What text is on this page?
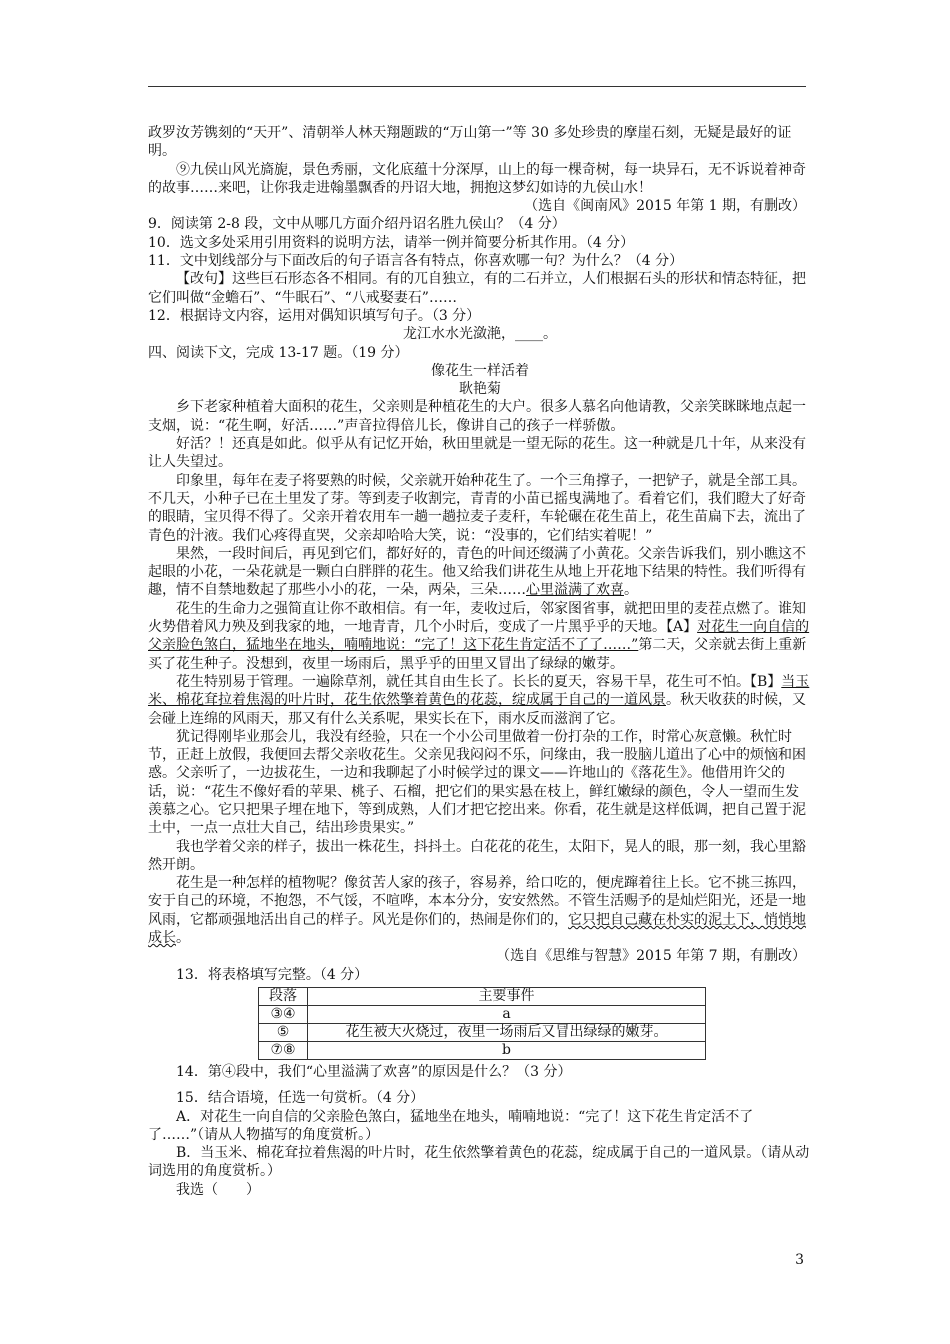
政罗汝芳镌刻的“天开”、清朝举人林天翔题跋的“万山第一”等 30 多处珍贵的摩崖石刻，无疑是最好的证明。

⑨九侯山风光旖旎，景色秀丽，文化底蕴十分深厚，山上的每一棵奇树，每一块异石，无不诉说着神奇的故事……来吧，让你我走进翰墨飘香的丹诏大地，拥抱这梦幻如诗的九侯山水！

（选自《闽南风》2015 年第 1 期，有删改）

9．阅读第 2-8 段，文中从哪几方面介绍丹诏名胜九侯山？（4 分）

10．选文多处采用引用资料的说明方法，请举一例并简要分析其作用。（4 分）

11．文中划线部分与下面改后的句子语言各有特点，你喜欢哪一句？为什么？（4 分）

【改句】这些巨石形态各不相同。有的兀自独立，有的二石并立，人们根据石头的形状和情态特征，把它们叫做“金蟾石”、“牛眠石”、“八戒娶妻石”……

12．根据诗文内容，运用对偶知识填写句子。（3 分）

龙江水水光潋滟，____。

四、阅读下文，完成 13-17 题。（19 分）

像花生一样活着

耿艳菊

乡下老家种植着大面积的花生，父亲则是种植花生的大户。很多人慕名向他请教，父亲笑眯眯地点起一支烟，说：“花生啊，好活……”声音拉得倍儿长，像讲自己的孩子一样骄傲。

好活？！还真是如此。似乎从有记忆开始，秋田里就是一望无际的花生。这一种就是几十年，从来没有让人失望过。

印象里，每年在麦子将要熟的时候，父亲就开始种花生了。一个三角撑子，一把铲子，就是全部工具。不几天，小种子已在土里发了芽。等到麦子收割完，青青的小苗已摇曳满地了。看着它们，我们瞪大了好奇的眼睛，宝贝得不得了。父亲开着农用车一趟一趟拉麦子麦秆，车轮碾在花生苗上，花生苗扁下去，流出了青色的汁液。我们心疼得直哭，父亲却哈哈大笑，说：“没事的，它们结实着呢！”

果然，一段时间后，再见到它们，都好好的，青色的叶间还缀满了小黄花。父亲告诉我们，别小瞧这不起眼的小花，一朵花就是一颗白白胖胖的花生。他又给我们讲花生从地上开花地下结果的特性。我们听得有趣，情不自禁地数起了那些小小的花，一朵，两朵，三朵……心里溢满了欢喜。

花生的生命力之强简直让你不敢相信。有一年，麦收过后，邻家图省事，就把田里的麦茬点燃了。谁知火势借着风力殃及到我家的地，一地青青，几个小时后，变成了一片黑乎乎的天地。【A】对花生一向自信的父亲脸色煞白，猛地坐在地头，喃喃地说：“完了！这下花生肯定活不了了……”第二天，父亲就去街上重新买了花生种子。没想到，夜里一场雨后，黑乎乎的田里又冒出了绿绿的嫩芽。

花生特别易于管理。一遍除草剂，就任其自由生长了。长长的夏天，容易干旱，花生可不怕。【B】当玉米、棉花耷拉着焦渴的叶片时，花生依然擎着黄色的花蕊，绽成属于自己的一道风景。秋天收获的时候，又会碰上连绵的风雨天，那又有什么关系呢，果实长在下，雨水反而滋润了它。

犹记得刚毕业那会儿，我没有经验，只在一个小公司里做着一份打杂的工作，时常心灰意懒。秋忙时节，正赶上放假，我便回去帮父亲收花生。父亲见我闷闷不乐，问缘由，我一股脑儿道出了心中的烦恼和困惑。父亲听了，一边拔花生，一边和我聊起了小时候学过的课文——许地山的《落花生》。他借用许父的话，说：“花生不像好看的苹果、桃子、石榴，把它们的果实悬在枝上，鲜红嫩绿的颜色，令人一望而生发羡慕之心。它只把果子埋在地下，等到成熟，人们才把它挖出来。你看，花生就是这样低调，把自己置于泥土中，一点一点壮大自己，结出珍贵果实。”

我也学着父亲的样子，拔出一株花生，抖抖土。白花花的花生，太阳下，晃人的眼，那一刻，我心里豁然开朗。

花生是一种怎样的植物呢？像贫苦人家的孩子，容易养，给口吃的，便虎蹿着往上长。它不挑三拣四，安于自己的环境，不抱怨，不气馁，不喧哗，本本分分，安安然然。不管生活赐予的是灿烂阳光，还是一地风雨，它都顽强地活出自己的样子。风光是你们的，热闹是你们的，它只把自己藏在朴实的泥土下，悄悄地成长。

（选自《思维与智慧》2015 年第 7 期，有删改）

13．将表格填写完整。（4 分）

段落	主要事件
③④	a
⑤	花生被大火烧过，夜里一场雨后又冒出绿绿的嫩芽。
⑦⑧	b

14．第④段中，我们“心里溢满了欢喜”的原因是什么？（3 分）

15．结合语境，任选一句赏析。（4 分）

A．对花生一向自信的父亲脸色煞白，猛地坐在地头，喃喃地说：“完了！这下花生肯定活不了了……”（请从人物描写的角度赏析。）

B．当玉米、棉花耷拉着焦渴的叶片时，花生依然擎着黄色的花蕊，绽成属于自己的一道风景。（请从动词选用的角度赏析。）

我选（　　）

3
